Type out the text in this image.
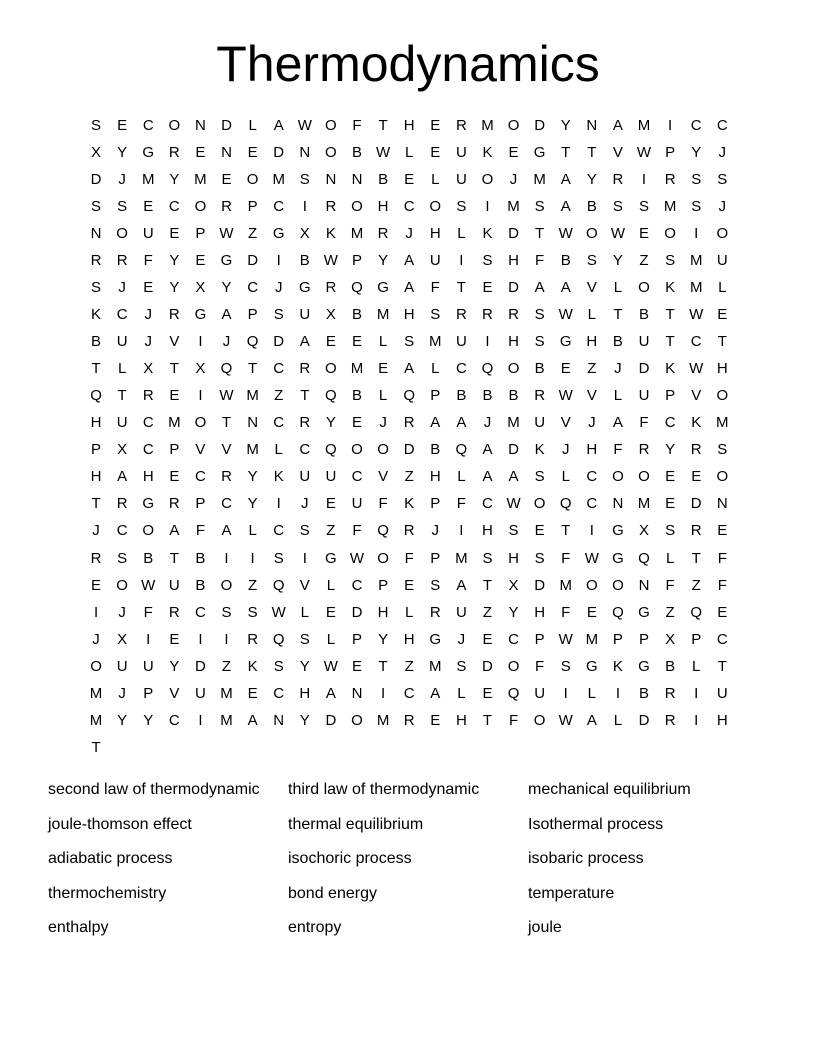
Thermodynamics
S	E	C O N	D	L	A W O	F	T	H	E	R M O D	Y	N	A M	I	C	C
X	Y	G R	E	N	E	D	N O	B W L	E	U	K	E	G	T	T	V W P	Y	J
D	J	M Y M E	O M S	N	N	B	E	L	U O	J	M A	Y	R	I	R	S	S
S	S	E	C O R	P	C	I	R O H	C O	S	I	M S	A	B	S	S M S	J
N O U	E	P W Z	G	X	K M R	J	H	L	K	D	T W O W E	O	I	O
R	R	F	Y	E	G D	I	B W P	Y	A	U	I	S	H	F	B	S	Y	Z	S M U
S	J	E	Y	X	Y	C	J	G R Q G	A	F	T	E	D	A	A	V	L	O	K M	L
K	C	J	R G	A	P	S	U	X	B M H	S	R	R	R	S W L	T	B	T W E
B	U	J	V	I	J	Q D	A	E	E	L	S M U	I	H	S	G H	B	U	T	C	T
T	L	X	T	X	Q	T	C	R O M E	A	L	C Q O	B	E	Z	J	D	K W H
Q	T	R	E	I	W M	Z	T	Q	B	L	Q	P	B	B	B	R W V	L	U	P	V	O
H	U	C M O	T	N	C	R	Y	E	J	R	A	A	J	M U	V	J	A	F	C	K M
P	X	C	P	V	V M	L	C Q O O D	B	Q	A	D	K	J	H	F	R	Y	R	S
H	A	H	E	C	R	Y	K	U	U	C	V	Z	H	L	A	A	S	L	C O O	E	E	O
T	R G R	P	C	Y	I	J	E	U	F	K	P	F	C W O Q C	N M E	D	N
J	C O	A	F	A	L	C	S	Z	F	Q R	J	I	H	S	E	T	I	G	X	S	R	E
R	S	B	T	B	I	I	S	I	G W O	F	P M S	H	S	F W G Q	L	T	F
E	O W U	B	O	Z	Q	V	L	C	P	E	S	A	T	X	D M O O N	F	Z	F
I	J	F	R	C	S	S W L	E	D	H	L	R	U	Z	Y	H	F	E	Q G	Z	Q	E
J	X	I	E	I	I	R Q	S	L	P	Y	H G	J	E	C	P W M P	P	X	P	C
O U	U	Y	D	Z	K	S	Y W E	T	Z	M S	D O	F	S	G	K	G	B	L	T
M	J	P	V	U M E	C	H	A	N	I	C	A	L	E	Q U	I	L	I	B	R	I	U
M Y	Y	C	I	M A	N	Y	D O M R	E	H	T	F	O W A	L	D	R	I	H
T
second law of thermodynamic	third law of thermodynamic	mechanical equilibrium
joule-thomson effect	thermal equilibrium	Isothermal process
adiabatic process	isochoric process	isobaric process
thermochemistry	bond energy	temperature
enthalpy	entropy	joule
